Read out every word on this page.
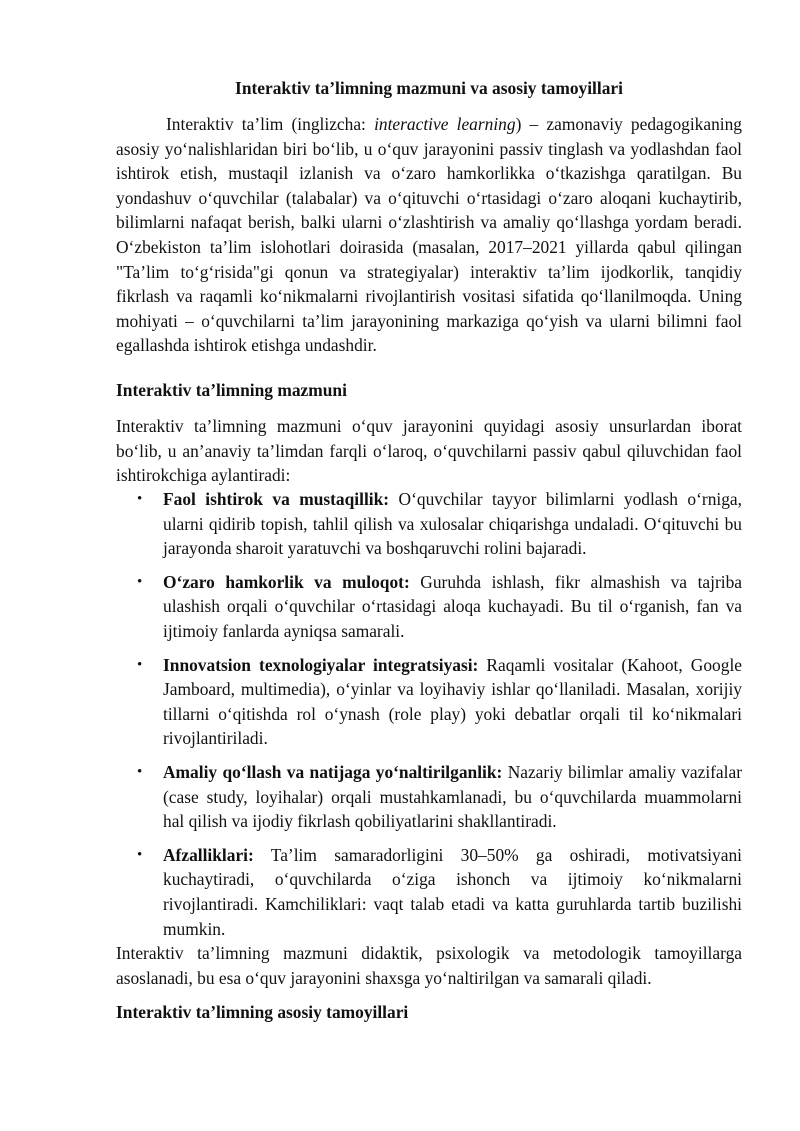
Interaktiv ta’limning mazmuni va asosiy tamoyillari

Interaktiv ta’lim (inglizcha: interactive learning) – zamonaviy pedagogikaning asosiy yo‘nalishlaridan biri bo‘lib, u o‘quv jarayonini passiv tinglash va yodlashdan faol ishtirok etish, mustaqil izlanish va o‘zaro hamkorlikka o‘tkazishga qaratilgan. Bu yondashuv o‘quvchilar (talabalar) va o‘qituvchi o‘rtasidagi o‘zaro aloqani kuchaytirib, bilimlarni nafaqat berish, balki ularni o‘zlashtirish va amaliy qo‘llashga yordam beradi. O‘zbekiston ta’lim islohotlari doirasida (masalan, 2017–2021 yillarda qabul qilingan "Ta’lim to‘g‘risida"gi qonun va strategiyalar) interaktiv ta’lim ijodkorlik, tanqidiy fikrlash va raqamli ko‘nikmalarni rivojlantirish vositasi sifatida qo‘llanilmoqda. Uning mohiyati – o‘quvchilarni ta’lim jarayonining markaziga qo‘yish va ularni bilimni faol egallashda ishtirok etishga undashdir.

Interaktiv ta’limning mazmuni

Interaktiv ta’limning mazmuni o‘quv jarayonini quyidagi asosiy unsurlardan iborat bo‘lib, u an’anaviy ta’limdan farqli o‘laroq, o‘quvchilarni passiv qabul qiluvchidan faol ishtirokchiga aylantiradi:

• Faol ishtirok va mustaqillik: O‘quvchilar tayyor bilimlarni yodlash o‘rniga, ularni qidirib topish, tahlil qilish va xulosalar chiqarishga undaladi. O‘qituvchi bu jarayonda sharoit yaratuvchi va boshqaruvchi rolini bajaradi.
• O‘zaro hamkorlik va muloqot: Guruhda ishlash, fikr almashish va tajriba ulashish orqali o‘quvchilar o‘rtasidagi aloqa kuchayadi. Bu til o‘rganish, fan va ijtimoiy fanlarda ayniqsa samarali.
• Innovatsion texnologiyalar integratsiyasi: Raqamli vositalar (Kahoot, Google Jamboard, multimedia), o‘yinlar va loyihaviy ishlar qo‘llaniladi. Masalan, xorijiy tillarni o‘qitishda rol o‘ynash (role play) yoki debatlar orqali til ko‘nikmalari rivojlantiriladi.
• Amaliy qo‘llash va natijaga yo‘naltirilganlik: Nazariy bilimlar amaliy vazifalar (case study, loyihalar) orqali mustahkamlanadi, bu o‘quvchilarda muammolarni hal qilish va ijodiy fikrlash qobiliyatlarini shakllantiradi.
• Afzalliklari: Ta’lim samaradorligini 30–50% ga oshiradi, motivatsiyani kuchaytiradi, o‘quvchilarda o‘ziga ishonch va ijtimoiy ko‘nikmalarni rivojlantiradi. Kamchiliklari: vaqt talab etadi va katta guruhlarda tartib buzilishi mumkin.

Interaktiv ta’limning mazmuni didaktik, psixologik va metodologik tamoyillarga asoslanadi, bu esa o‘quv jarayonini shaxsga yo‘naltirilgan va samarali qiladi.

Interaktiv ta’limning asosiy tamoyillari
